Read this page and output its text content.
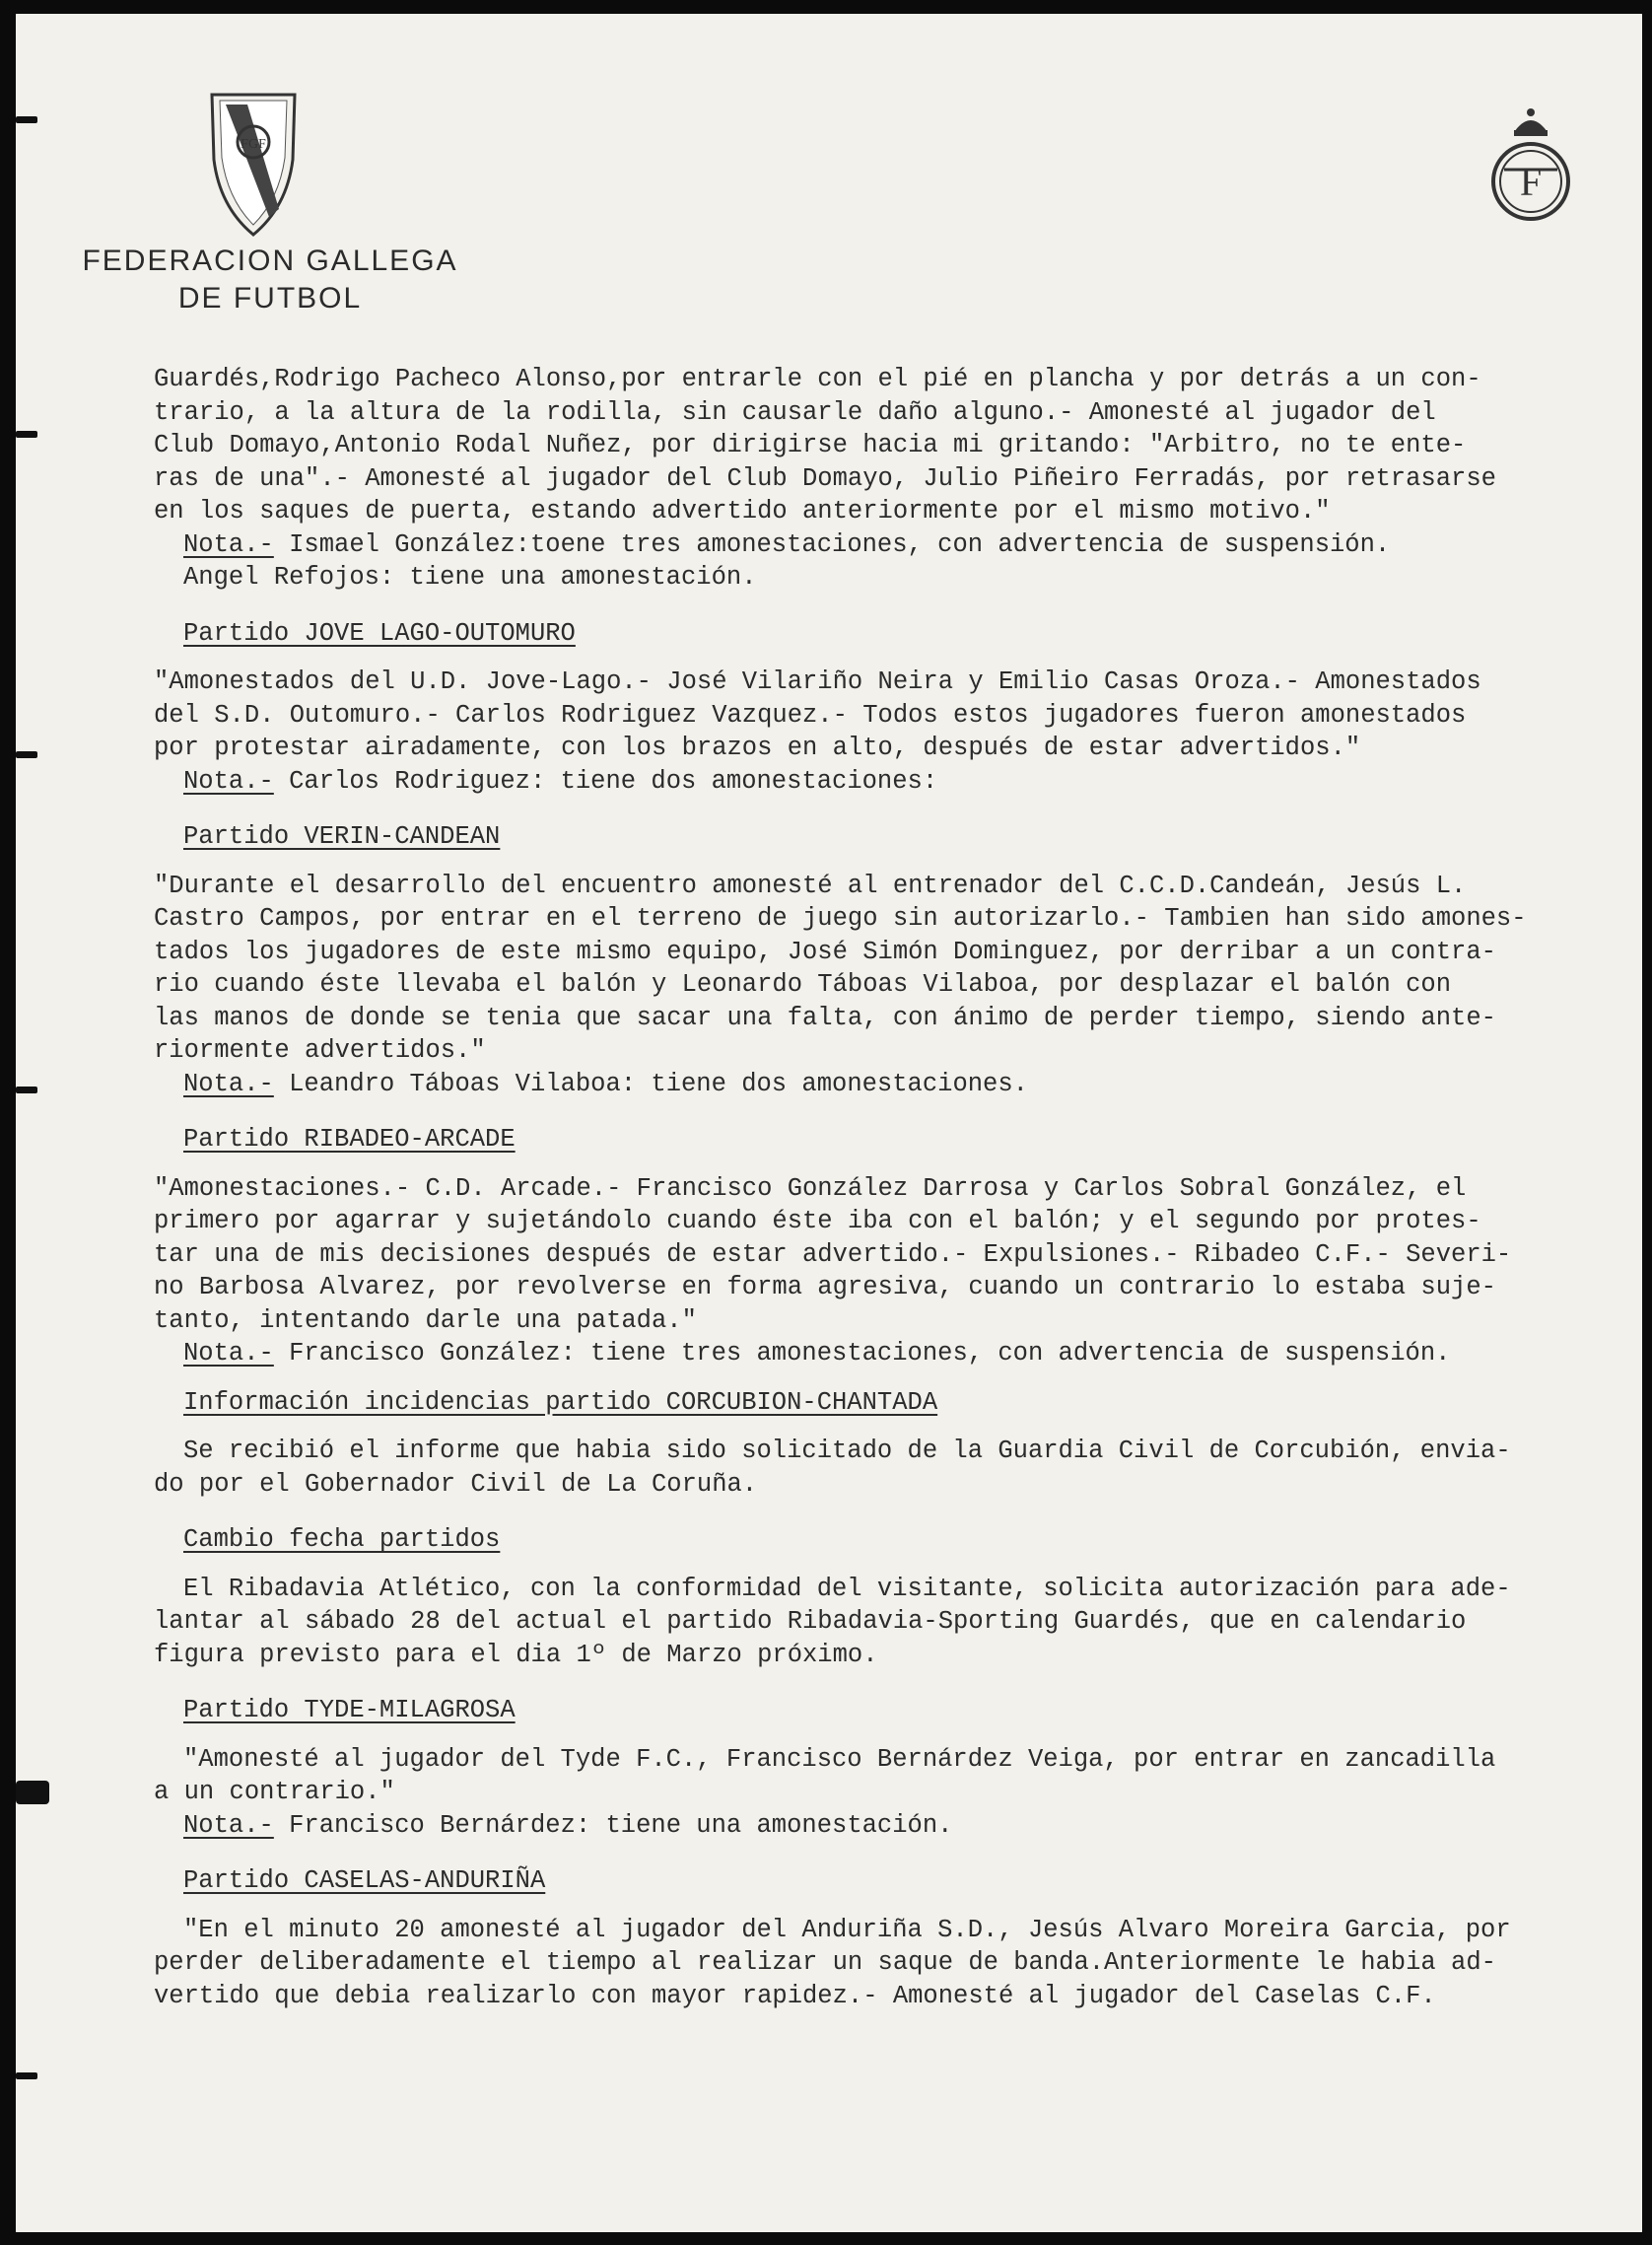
FGF
FEDERACION GALLEGA
DE FUTBOL
F
Guardés,Rodrigo Pacheco Alonso,por entrarle con el pié en plancha y por detrás a un con-
trario, a la altura de la rodilla, sin causarle daño alguno.- Amonesté al jugador del
Club Domayo,Antonio Rodal Nuñez, por dirigirse hacia mi gritando: "Arbitro, no te ente-
ras de una".- Amonesté al jugador del Club Domayo, Julio Piñeiro Ferradás, por retrasarse
en los saques de puerta, estando advertido anteriormente por el mismo motivo."
Nota.- Ismael González:toene tres amonestaciones, con advertencia de suspensión.
Angel Refojos: tiene una amonestación.
Partido JOVE LAGO-OUTOMURO
"Amonestados del U.D. Jove-Lago.- José Vilariño Neira y Emilio Casas Oroza.- Amonestados
del S.D. Outomuro.- Carlos Rodriguez Vazquez.- Todos estos jugadores fueron amonestados
por protestar airadamente, con los brazos en alto, después de estar advertidos."
Nota.- Carlos Rodriguez: tiene dos amonestaciones:
Partido VERIN-CANDEAN
"Durante el desarrollo del encuentro amonesté al entrenador del C.C.D.Candeán, Jesús L.
Castro Campos, por entrar en el terreno de juego sin autorizarlo.- Tambien han sido amones-
tados los jugadores de este mismo equipo, José Simón Dominguez, por derribar a un contra-
rio cuando éste llevaba el balón y Leonardo Táboas Vilaboa, por desplazar el balón con
las manos de donde se tenia que sacar una falta, con ánimo de perder tiempo, siendo ante-
riormente advertidos."
Nota.- Leandro Táboas Vilaboa: tiene dos amonestaciones.
Partido RIBADEO-ARCADE
"Amonestaciones.- C.D. Arcade.- Francisco González Darrosa y Carlos Sobral González, el
primero por agarrar y sujetándolo cuando éste iba con el balón; y el segundo por protes-
tar una de mis decisiones después de estar advertido.- Expulsiones.- Ribadeo C.F.- Severi-
no Barbosa Alvarez, por revolverse en forma agresiva, cuando un contrario lo estaba suje-
tanto, intentando darle una patada."
Nota.- Francisco González: tiene tres amonestaciones, con advertencia de suspensión.
Información incidencias partido CORCUBION-CHANTADA
Se recibió el informe que habia sido solicitado de la Guardia Civil de Corcubión, envia-
do por el Gobernador Civil de La Coruña.
Cambio fecha partidos
El Ribadavia Atlético, con la conformidad del visitante, solicita autorización para ade-
lantar al sábado 28 del actual el partido Ribadavia-Sporting Guardés, que en calendario
figura previsto para el dia 1º de Marzo próximo.
Partido TYDE-MILAGROSA
"Amonesté al jugador del Tyde F.C., Francisco Bernárdez Veiga, por entrar en zancadilla
a un contrario."
Nota.- Francisco Bernárdez: tiene una amonestación.
Partido CASELAS-ANDURIÑA
"En el minuto 20 amonesté al jugador del Anduriña S.D., Jesús Alvaro Moreira Garcia, por
perder deliberadamente el tiempo al realizar un saque de banda.Anteriormente le habia ad-
vertido que debia realizarlo con mayor rapidez.- Amonesté al jugador del Caselas C.F.
